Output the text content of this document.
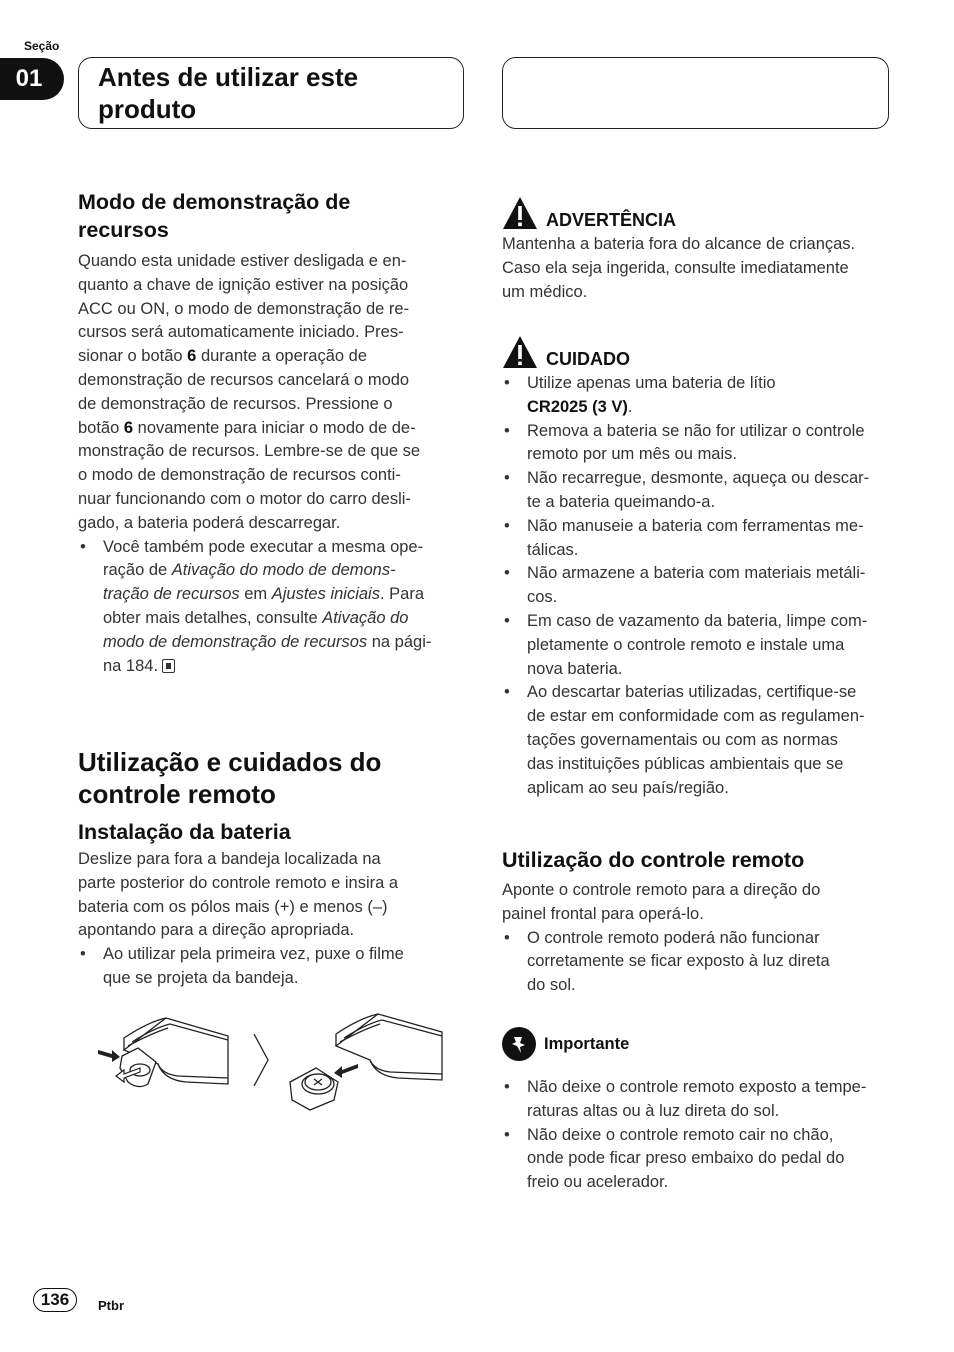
Seção
01	Antes de utilizar este
produto
Modo de demonstração de
recursos

Quando esta unidade estiver desligada e en-
quanto a chave de ignição estiver na posição
ACC ou ON, o modo de demonstração de re-
cursos será automaticamente iniciado. Pres-
sionar o botão 6 durante a operação de
demonstração de recursos cancelará o modo
de demonstração de recursos. Pressione o
botão 6 novamente para iniciar o modo de de-
monstração de recursos. Lembre-se de que se
o modo de demonstração de recursos conti-
nuar funcionando com o motor do carro desli-
gado, a bateria poderá descarregar.

• Você também pode executar a mesma ope-
ração de Ativação do modo de demons-
tração de recursos em Ajustes iniciais. Para
obter mais detalhes, consulte Ativação do
modo de demonstração de recursos na pági-
na 184.
Utilização e cuidados do
controle remoto
Instalação da bateria

Deslize para fora a bandeja localizada na
parte posterior do controle remoto e insira a
bateria com os pólos mais (+) e menos (–)
apontando para a direção apropriada.

• Ao utilizar pela primeira vez, puxe o filme
que se projeta da bandeja.
ADVERTÊNCIA

Mantenha a bateria fora do alcance de crianças.
Caso ela seja ingerida, consulte imediatamente
um médico.

CUIDADO
• Utilize apenas uma bateria de lítio
CR2025 (3 V).
• Remova a bateria se não for utilizar o controle
remoto por um mês ou mais.
• Não recarregue, desmonte, aqueça ou descar-
te a bateria queimando-a.
• Não manuseie a bateria com ferramentas me-
tálicas.
• Não armazene a bateria com materiais metáli-
cos.
• Em caso de vazamento da bateria, limpe com-
pletamente o controle remoto e instale uma
nova bateria.
• Ao descartar baterias utilizadas, certifique-se
de estar em conformidade com as regulamen-
tações governamentais ou com as normas
das instituições públicas ambientais que se
aplicam ao seu país/região.
Utilização do controle remoto

Aponte o controle remoto para a direção do
painel frontal para operá-lo.

• O controle remoto poderá não funcionar
corretamente se ficar exposto à luz direta
do sol.
Importante
• Não deixe o controle remoto exposto a tempe-
raturas altas ou à luz direta do sol.
• Não deixe o controle remoto cair no chão,
onde pode ficar preso embaixo do pedal do
freio ou acelerador.
136	Ptbr
